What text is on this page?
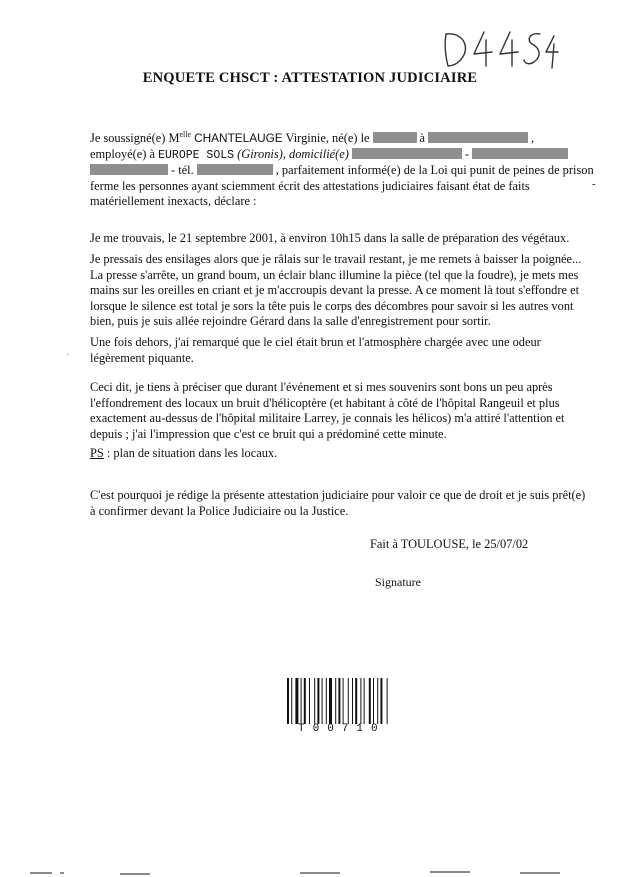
ENQUETE CHSCT : ATTESTATION JUDICIAIRE
Je soussigné(e) $M^{elle}$ CHANTELAUGE Virginie, né(e) le	à	,
employé(e) à EUROPE SOLS (Gironis), domicilié(e)	-
- tél.	, parfaitement informé(e) de la Loi qui punit de peines de prison
ferme les personnes ayant sciemment écrit des attestations judiciaires faisant état de faits
matériellement inexacts, déclare :
-
Je me trouvais, le 21 septembre 2001, à environ 10h15 dans la salle de préparation des végétaux.
Je pressais des ensilages alors que je râlais sur le travail restant, je me remets à baisser la poignée...
La presse s'arrête, un grand boum, un éclair blanc illumine la pièce (tel que la foudre), je mets mes
mains sur les oreilles en criant et je m'accroupis devant la presse. A ce moment là tout s'effondre et
lorsque le silence est total je sors la tête puis le corps des décombres pour savoir si les autres vont
bien, puis je suis allée rejoindre Gérard dans la salle d'enregistrement pour sortir.
·
Une fois dehors, j'ai remarqué que le ciel était brun et l'atmosphère chargée avec une odeur
légèrement piquante.
Ceci dit, je tiens à préciser que durant l'événement et si mes souvenirs sont bons un peu après
l'effondrement des locaux un bruit d'hélicoptère (et habitant à côté de l'hôpital Rangeuil et plus
exactement au-dessus de l'hôpital militaire Larrey, je connais les hélicos) m'a attiré l'attention et
depuis ; j'ai l'impression que c'est ce bruit qui a prédominé cette minute.
PS : plan de situation dans les locaux.
C'est pourquoi je rédige la présente attestation judiciaire pour valoir ce que de droit et je suis prêt(e)
à confirmer devant la Police Judiciaire ou la Justice.
Fait à TOULOUSE, le 25/07/02
Signature
T00710
